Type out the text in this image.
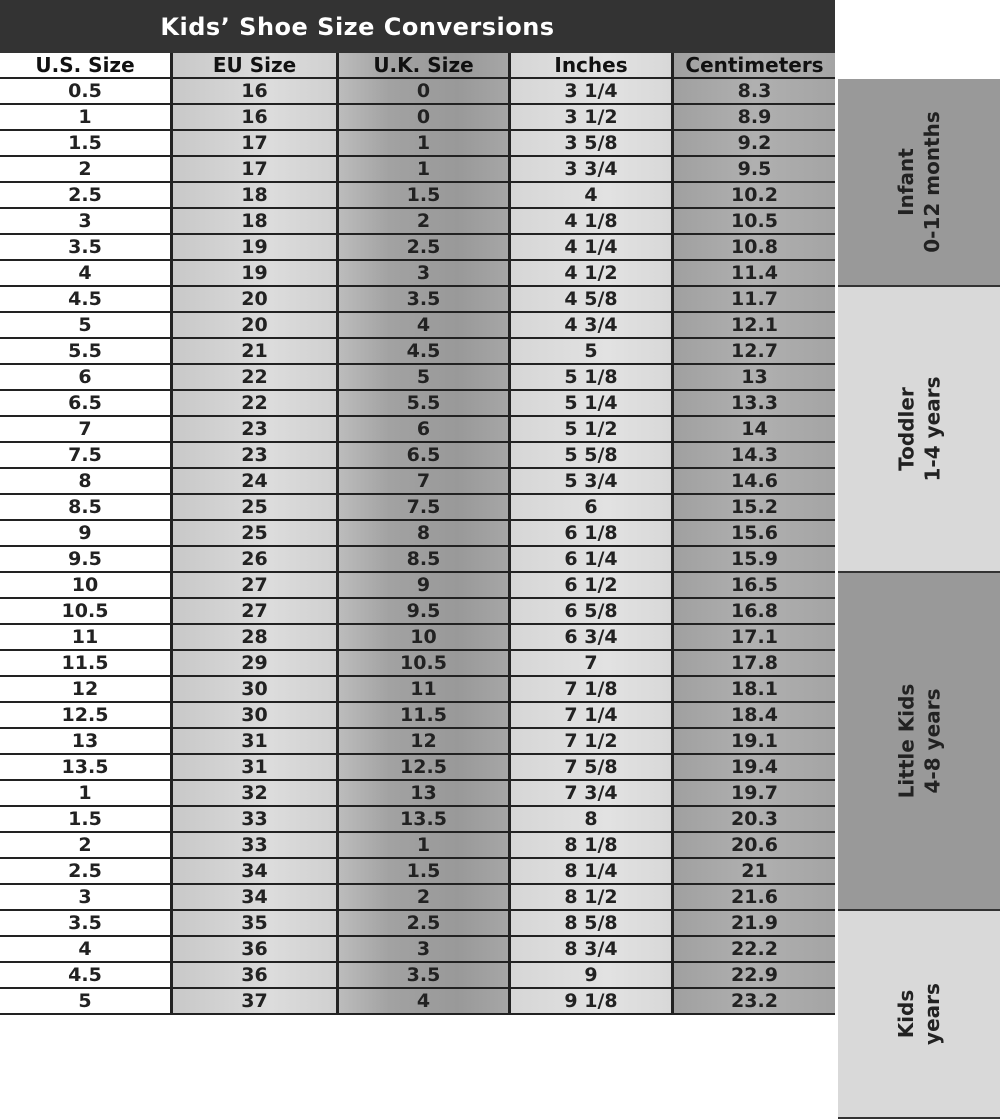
Kids’ Shoe Size Conversions
U.S. Size	EU Size	U.K. Size	Inches	Centimeters
0.5	16	0	3 1/4	8.3
1	16	0	3 1/2	8.9
1.5	17	1	3 5/8	9.2
2	17	1	3 3/4	9.5
2.5	18	1.5	4	10.2
3	18	2	4 1/8	10.5
3.5	19	2.5	4 1/4	10.8
4	19	3	4 1/2	11.4
4.5	20	3.5	4 5/8	11.7
5	20	4	4 3/4	12.1
5.5	21	4.5	5	12.7
6	22	5	5 1/8	13
6.5	22	5.5	5 1/4	13.3
7	23	6	5 1/2	14
7.5	23	6.5	5 5/8	14.3
8	24	7	5 3/4	14.6
8.5	25	7.5	6	15.2
9	25	8	6 1/8	15.6
9.5	26	8.5	6 1/4	15.9
10	27	9	6 1/2	16.5
10.5	27	9.5	6 5/8	16.8
11	28	10	6 3/4	17.1
11.5	29	10.5	7	17.8
12	30	11	7 1/8	18.1
12.5	30	11.5	7 1/4	18.4
13	31	12	7 1/2	19.1
13.5	31	12.5	7 5/8	19.4
1	32	13	7 3/4	19.7
1.5	33	13.5	8	20.3
2	33	1	8 1/8	20.6
2.5	34	1.5	8 1/4	21
3	34	2	8 1/2	21.6
3.5	35	2.5	8 5/8	21.9
4	36	3	8 3/4	22.2
4.5	36	3.5	9	22.9
5	37	4	9 1/8	23.2
Infant 0-12 months
Toddler 1-4 years
Little Kids 4-8 years
Kids years
